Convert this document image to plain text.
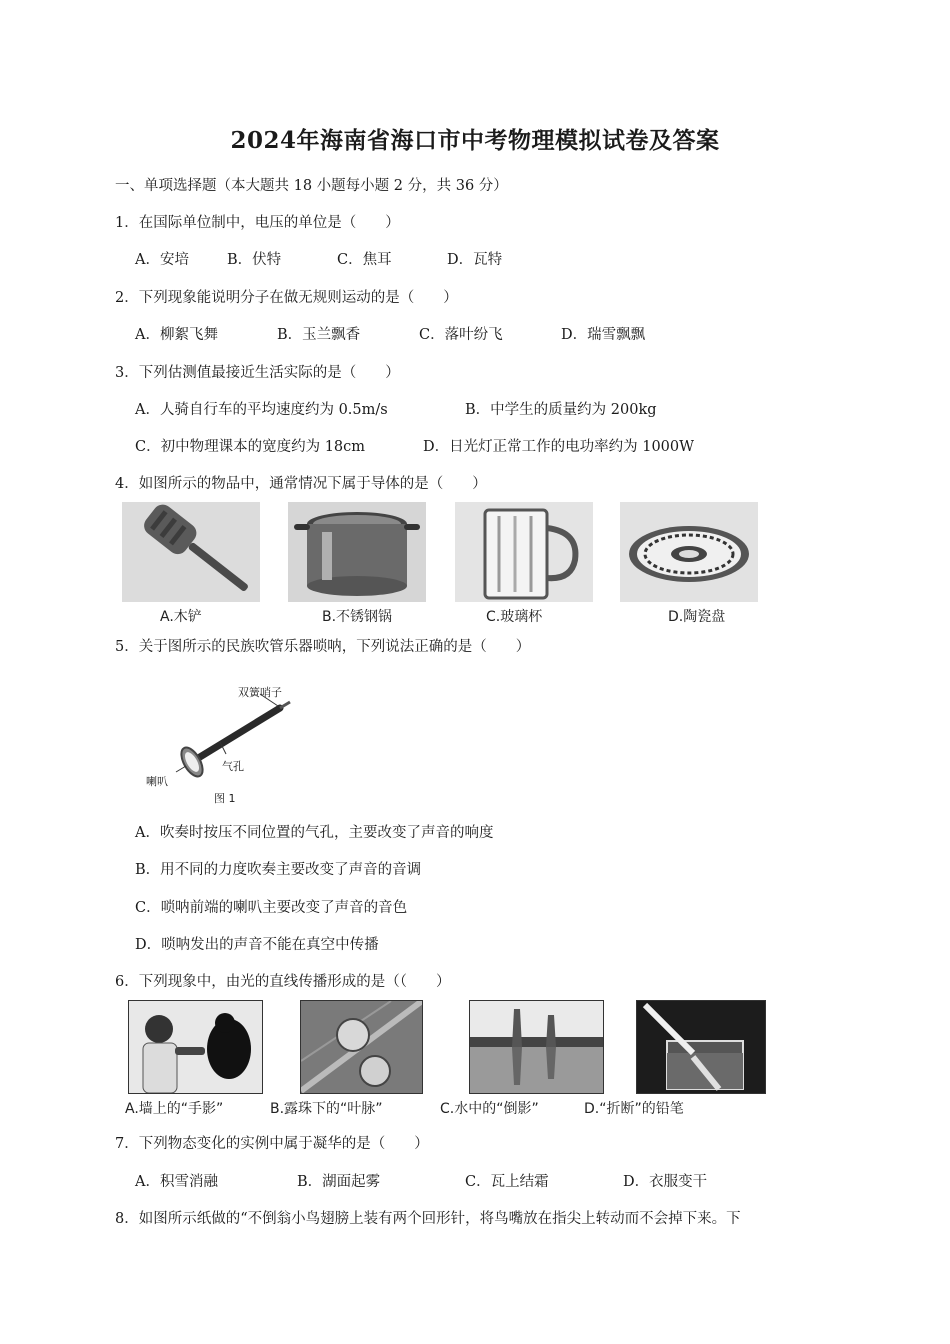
2024年海南省海口市中考物理模拟试卷及答案
一、单项选择题（本大题共 18 小题每小题 2 分，共 36 分）
1．在国际单位制中，电压的单位是（　　）
A．安培	B．伏特	C．焦耳	D．瓦特
2．下列现象能说明分子在做无规则运动的是（　　）
A．柳絮飞舞	B．玉兰飘香	C．落叶纷飞	D．瑞雪飘飘
3．下列估测值最接近生活实际的是（　　）
A．人骑自行车的平均速度约为 0.5m/s	B．中学生的质量约为 200kg
C．初中物理课本的宽度约为 18cm	D．日光灯正常工作的电功率约为 1000W
4．如图所示的物品中，通常情况下属于导体的是（　　）
A.木铲	B.不锈钢锅	C.玻璃杯	D.陶瓷盘
5．关于图所示的民族吹管乐器唢呐，下列说法正确的是（　　）
双簧哨子
喇叭
气孔
图 1
A．吹奏时按压不同位置的气孔，主要改变了声音的响度
B．用不同的力度吹奏主要改变了声音的音调
C．唢呐前端的喇叭主要改变了声音的音色
D．唢呐发出的声音不能在真空中传播
6．下列现象中，由光的直线传播形成的是（（　　）
A.墙上的“手影”	B.露珠下的“叶脉”	C.水中的“倒影”	D.“折断”的铅笔
7．下列物态变化的实例中属于凝华的是（　　）
A．积雪消融	B．湖面起雾	C．瓦上结霜	D．衣服变干
8．如图所示纸做的“不倒翁小鸟翅膀上装有两个回形针，将鸟嘴放在指尖上转动而不会掉下来。下
